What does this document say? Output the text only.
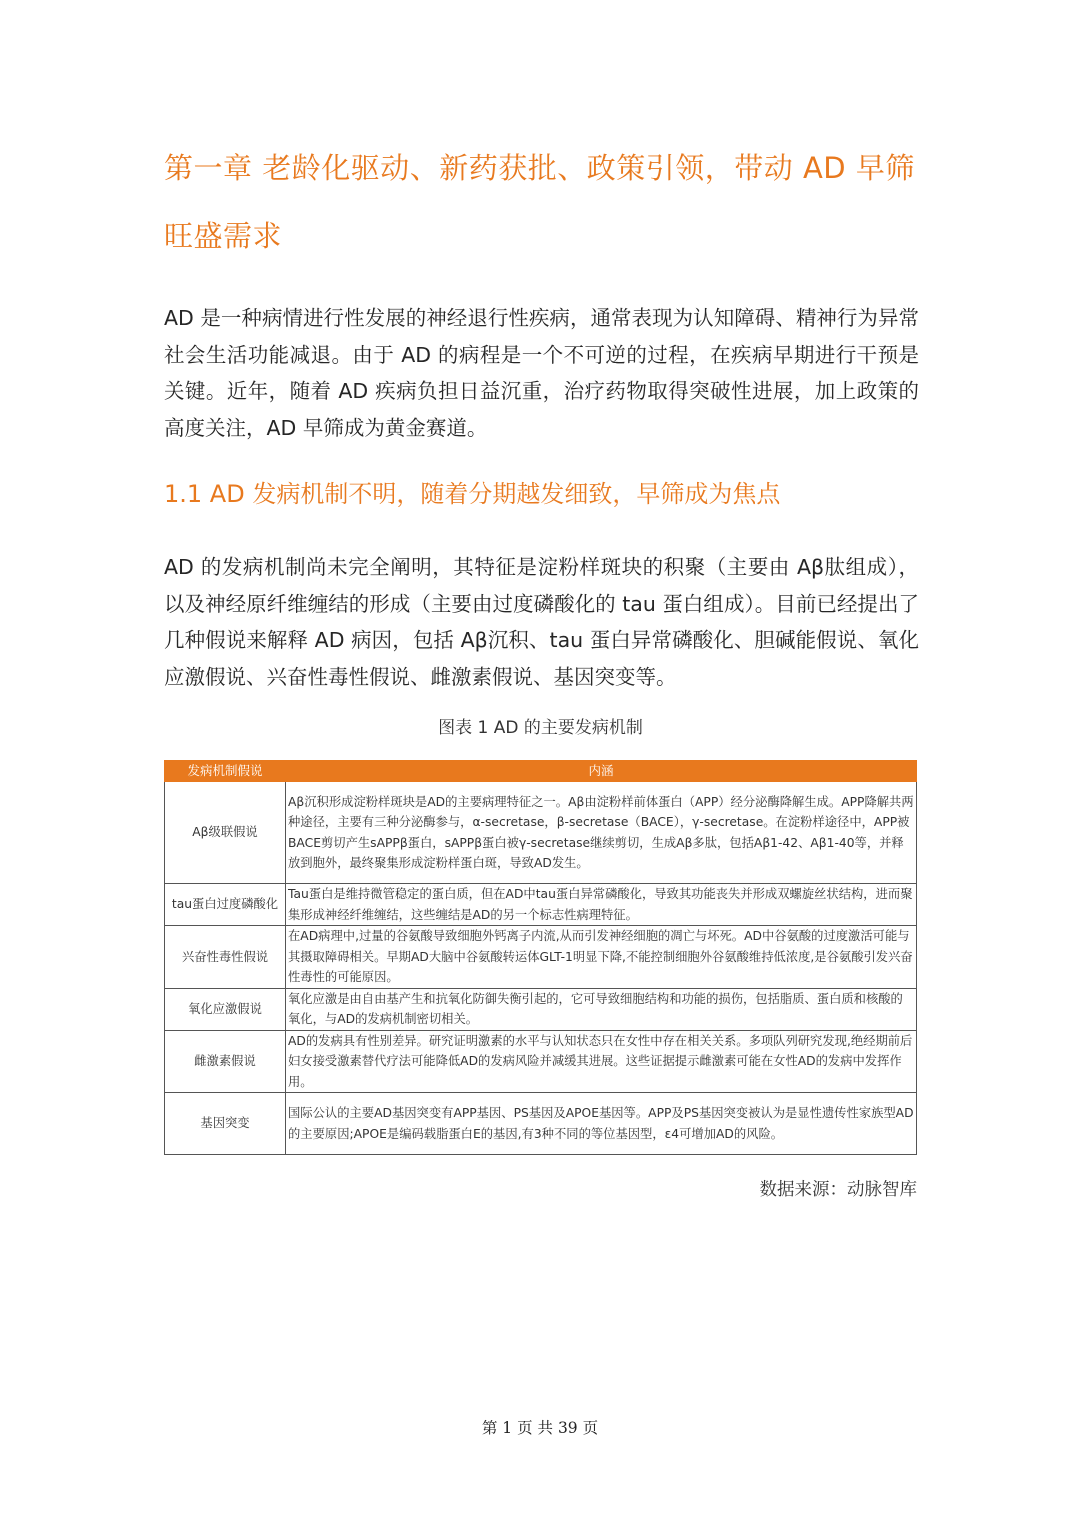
第一章 老龄化驱动、新药获批、政策引领，带动 AD 早筛旺盛需求

AD 是一种病情进行性发展的神经退行性疾病，通常表现为认知障碍、精神行为异常社会生活功能减退。由于 AD 的病程是一个不可逆的过程，在疾病早期进行干预是关键。近年，随着 AD 疾病负担日益沉重，治疗药物取得突破性进展，加上政策的高度关注，AD 早筛成为黄金赛道。

1.1 AD 发病机制不明，随着分期越发细致，早筛成为焦点

AD 的发病机制尚未完全阐明，其特征是淀粉样斑块的积聚（主要由 Aβ肽组成），以及神经原纤维缠结的形成（主要由过度磷酸化的 tau 蛋白组成）。目前已经提出了几种假说来解释 AD 病因，包括 Aβ沉积、tau 蛋白异常磷酸化、胆碱能假说、氧化应激假说、兴奋性毒性假说、雌激素假说、基因突变等。

图表 1 AD 的主要发病机制
发病机制假说	内涵
Aβ级联假说	Aβ沉积形成淀粉样斑块是AD的主要病理特征之一。Aβ由淀粉样前体蛋白（APP）经分泌酶降解生成。APP降解共两种途径，主要有三种分泌酶参与，α-secretase，β-secretase（BACE），γ-secretase。在淀粉样途径中，APP被BACE剪切产生sAPPβ蛋白，sAPPβ蛋白被γ-secretase继续剪切，生成Aβ多肽，包括Aβ1-42、Aβ1-40等，并释放到胞外，最终聚集形成淀粉样蛋白斑，导致AD发生。
tau蛋白过度磷酸化	Tau蛋白是维持微管稳定的蛋白质，但在AD中tau蛋白异常磷酸化，导致其功能丧失并形成双螺旋丝状结构，进而聚集形成神经纤维缠结，这些缠结是AD的另一个标志性病理特征。
兴奋性毒性假说	在AD病理中,过量的谷氨酸导致细胞外钙离子内流,从而引发神经细胞的凋亡与坏死。AD中谷氨酸的过度激活可能与其摄取障碍相关。早期AD大脑中谷氨酸转运体GLT-1明显下降,不能控制细胞外谷氨酸维持低浓度,是谷氨酸引发兴奋性毒性的可能原因。
氧化应激假说	氧化应激是由自由基产生和抗氧化防御失衡引起的，它可导致细胞结构和功能的损伤，包括脂质、蛋白质和核酸的氧化，与AD的发病机制密切相关。
雌激素假说	AD的发病具有性别差异。研究证明激素的水平与认知状态只在女性中存在相关关系。多项队列研究发现,绝经期前后妇女接受激素替代疗法可能降低AD的发病风险并减缓其进展。这些证据提示雌激素可能在女性AD的发病中发挥作用。
基因突变	国际公认的主要AD基因突变有APP基因、PS基因及APOE基因等。APP及PS基因突变被认为是显性遗传性家族型AD的主要原因;APOE是编码载脂蛋白E的基因,有3种不同的等位基因型，ε4可增加AD的风险。
数据来源：动脉智库
第 1 页 共 39 页
